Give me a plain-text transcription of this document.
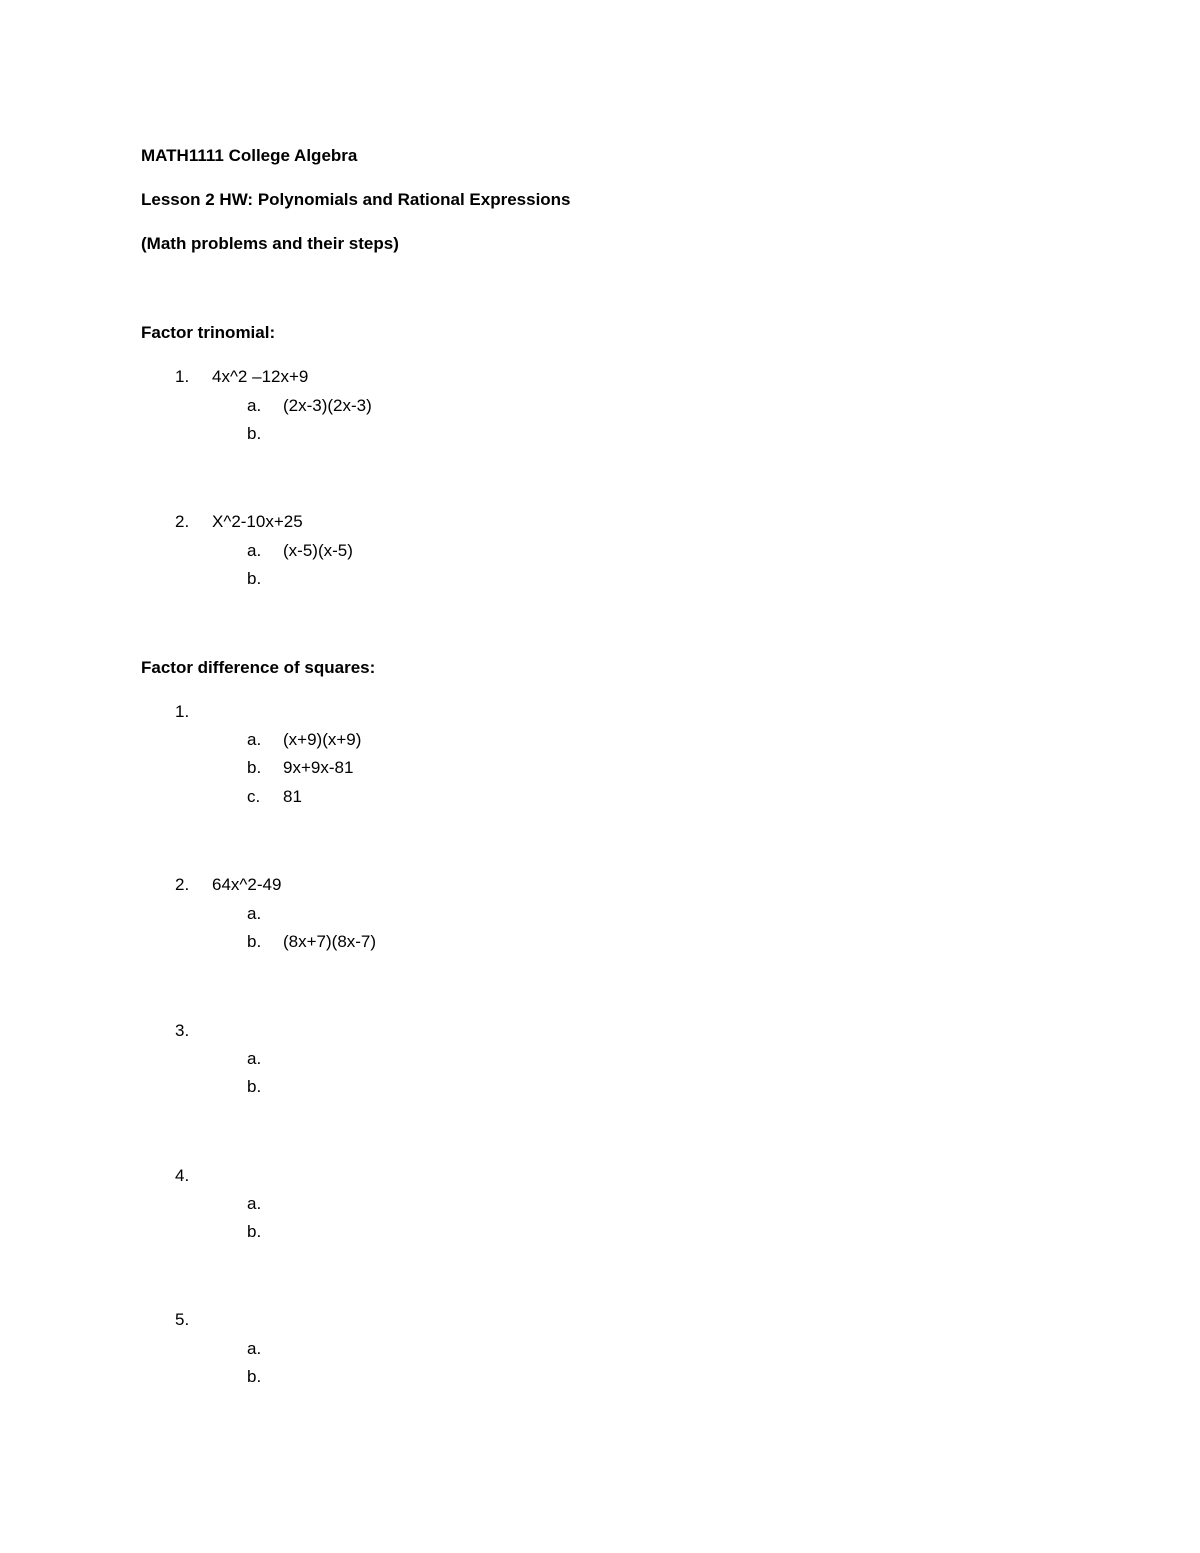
MATH1111 College Algebra
Lesson 2 HW: Polynomials and Rational Expressions
(Math problems and their steps)
Factor trinomial:
1. 4x^2 –12x+9
a. (2x-3)(2x-3)
b.
2. X^2-10x+25
a. (x-5)(x-5)
b.
Factor difference of squares:
1.
a. (x+9)(x+9)
b. 9x+9x-81
c. 81
2. 64x^2-49
a.
b. (8x+7)(8x-7)
3.
a.
b.
4.
a.
b.
5.
a.
b.
